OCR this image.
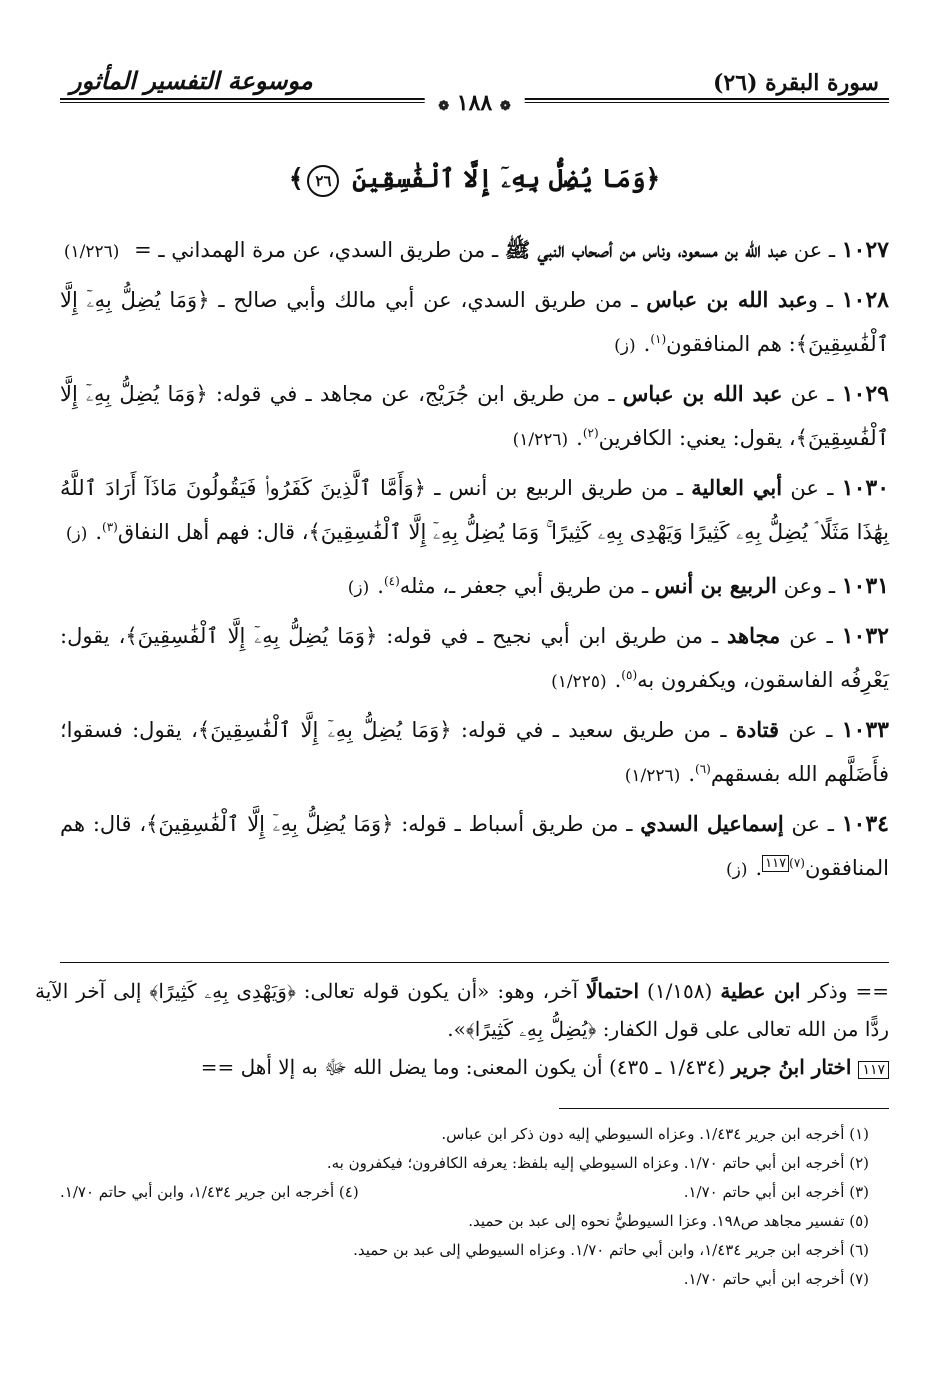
سورة البقرة (٢٦)
موسوعة التفسير المأثور
❁ ١٨٨ ❁
﴿وَمَا يُضِلُّ بِهِۦٓ إِلَّا ٱلْفَٰسِقِينَ ٢٦﴾

١٠٢٧ ـ عن عبد الله بن مسعود، وناس من أصحاب النبي ﷺ ـ من طريق السدي، عن مرة الهمداني ـ = (١/٢٢٦)

١٠٢٨ ـ وعبد الله بن عباس ـ من طريق السدي، عن أبي مالك وأبي صالح ـ ﴿وَمَا يُضِلُّ بِهِۦٓ إِلَّا ٱلْفَٰسِقِينَ﴾: هم المنافقون$^{(١)}$.(ز)

١٠٢٩ ـ عن عبد الله بن عباس ـ من طريق ابن جُرَيْج، عن مجاهد ـ في قوله: ﴿وَمَا يُضِلُّ بِهِۦٓ إِلَّا ٱلْفَٰسِقِينَ﴾، يقول: يعني: الكافرين$^{(٢)}$.(١/٢٢٦)

١٠٣٠ ـ عن أبي العالية ـ من طريق الربيع بن أنس ـ ﴿وَأَمَّا ٱلَّذِينَ كَفَرُوا۟ فَيَقُولُونَ مَاذَآ أَرَادَ ٱللَّهُ بِهَٰذَا مَثَلًا ۘ يُضِلُّ بِهِۦ كَثِيرًا وَيَهْدِى بِهِۦ كَثِيرًا ۚ وَمَا يُضِلُّ بِهِۦٓ إِلَّا ٱلْفَٰسِقِينَ﴾، قال: فهم أهل النفاق$^{(٣)}$.(ز)

١٠٣١ ـ وعن الربيع بن أنس ـ من طريق أبي جعفر ـ، مثله$^{(٤)}$.(ز)

١٠٣٢ ـ عن مجاهد ـ من طريق ابن أبي نجيح ـ في قوله: ﴿وَمَا يُضِلُّ بِهِۦٓ إِلَّا ٱلْفَٰسِقِينَ﴾، يقول: يَعْرِفُه الفاسقون، ويكفرون به$^{(٥)}$.(١/٢٢٥)

١٠٣٣ ـ عن قتادة ـ من طريق سعيد ـ في قوله: ﴿وَمَا يُضِلُّ بِهِۦٓ إِلَّا ٱلْفَٰسِقِينَ﴾، يقول: فسقوا؛ فأَضَلَّهم الله بفسقهم$^{(٦)}$.(١/٢٢٦)

١٠٣٤ ـ عن إسماعيل السدي ـ من طريق أسباط ـ قوله: ﴿وَمَا يُضِلُّ بِهِۦٓ إِلَّا ٱلْفَٰسِقِينَ﴾، قال: هم المنافقون$^{(٧)١١٧}$.(ز)

== وذكر ابن عطية (١/١٥٨) احتمالًا آخر، وهو: «أن يكون قوله تعالى: ﴿وَيَهْدِى بِهِۦ كَثِيرًا﴾ إلى آخر الآية ردًّا من الله تعالى على قول الكفار: ﴿يُضِلُّ بِهِۦ كَثِيرًا﴾».

١١٧ اختار ابنُ جرير (١/٤٣٤ ـ ٤٣٥) أن يكون المعنى: وما يضل الله ﷻ به إلا أهل ==

(١) أخرجه ابن جرير ١/٤٣٤. وعزاه السيوطي إليه دون ذكر ابن عباس.

(٢) أخرجه ابن أبي حاتم ١/٧٠. وعزاه السيوطي إليه بلفظ: يعرفه الكافرون؛ فيكفرون به.

(٣) أخرجه ابن أبي حاتم ١/٧٠.
(٤) أخرجه ابن جرير ١/٤٣٤، وابن أبي حاتم ١/٧٠.

(٥) تفسير مجاهد ص١٩٨. وعزا السيوطيُّ نحوه إلى عبد بن حميد.

(٦) أخرجه ابن جرير ١/٤٣٤، وابن أبي حاتم ١/٧٠. وعزاه السيوطي إلى عبد بن حميد.

(٧) أخرجه ابن أبي حاتم ١/٧٠.
